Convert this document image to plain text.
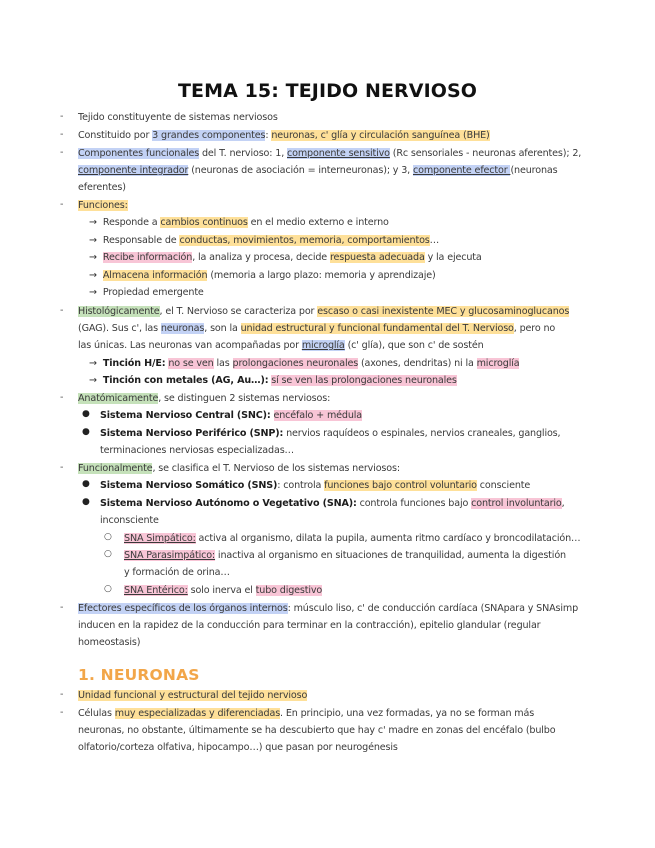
TEMA 15: TEJIDO NERVIOSO
- Tejido constituyente de sistemas nerviosos
- Constituido por 3 grandes componentes: neuronas, c' glía y circulación sanguínea (BHE)
- Componentes funcionales del T. nervioso: 1, componente sensitivo (Rc sensoriales - neuronas aferentes); 2,
componente integrador (neuronas de asociación = interneuronas); y 3, componente efector (neuronas
eferentes)
- Funciones:
→ Responde a cambios continuos en el medio externo e interno
→ Responsable de conductas, movimientos, memoria, comportamientos…
→ Recibe información, la analiza y procesa, decide respuesta adecuada y la ejecuta
→ Almacena información (memoria a largo plazo: memoria y aprendizaje)
→ Propiedad emergente
- Histológicamente, el T. Nervioso se caracteriza por escaso o casi inexistente MEC y glucosaminoglucanos
(GAG). Sus c', las neuronas, son la unidad estructural y funcional fundamental del T. Nervioso, pero no
las únicas. Las neuronas van acompañadas por microglía (c' glía), que son c' de sostén
→ Tinción H/E: no se ven las prolongaciones neuronales (axones, dendritas) ni la microglía
→ Tinción con metales (AG, Au…): sí se ven las prolongaciones neuronales
- Anatómicamente, se distinguen 2 sistemas nerviosos:
● Sistema Nervioso Central (SNC): encéfalo + médula
● Sistema Nervioso Periférico (SNP): nervios raquídeos o espinales, nervios craneales, ganglios,
terminaciones nerviosas especializadas…
- Funcionalmente, se clasifica el T. Nervioso de los sistemas nerviosos:
● Sistema Nervioso Somático (SNS): controla funciones bajo control voluntario consciente
● Sistema Nervioso Autónomo o Vegetativo (SNA): controla funciones bajo control involuntario,
inconsciente
○ SNA Simpático: activa al organismo, dilata la pupila, aumenta ritmo cardíaco y broncodilatación…
○ SNA Parasimpático: inactiva al organismo en situaciones de tranquilidad, aumenta la digestión
y formación de orina…
○ SNA Entérico: solo inerva el tubo digestivo
- Efectores específicos de los órganos internos: músculo liso, c' de conducción cardíaca (SNApara y SNAsimp
inducen en la rapidez de la conducción para terminar en la contracción), epitelio glandular (regular
homeostasis)
1. NEURONAS
- Unidad funcional y estructural del tejido nervioso
- Células muy especializadas y diferenciadas. En principio, una vez formadas, ya no se forman más
neuronas, no obstante, últimamente se ha descubierto que hay c' madre en zonas del encéfalo (bulbo
olfatorio/corteza olfativa, hipocampo…) que pasan por neurogénesis
